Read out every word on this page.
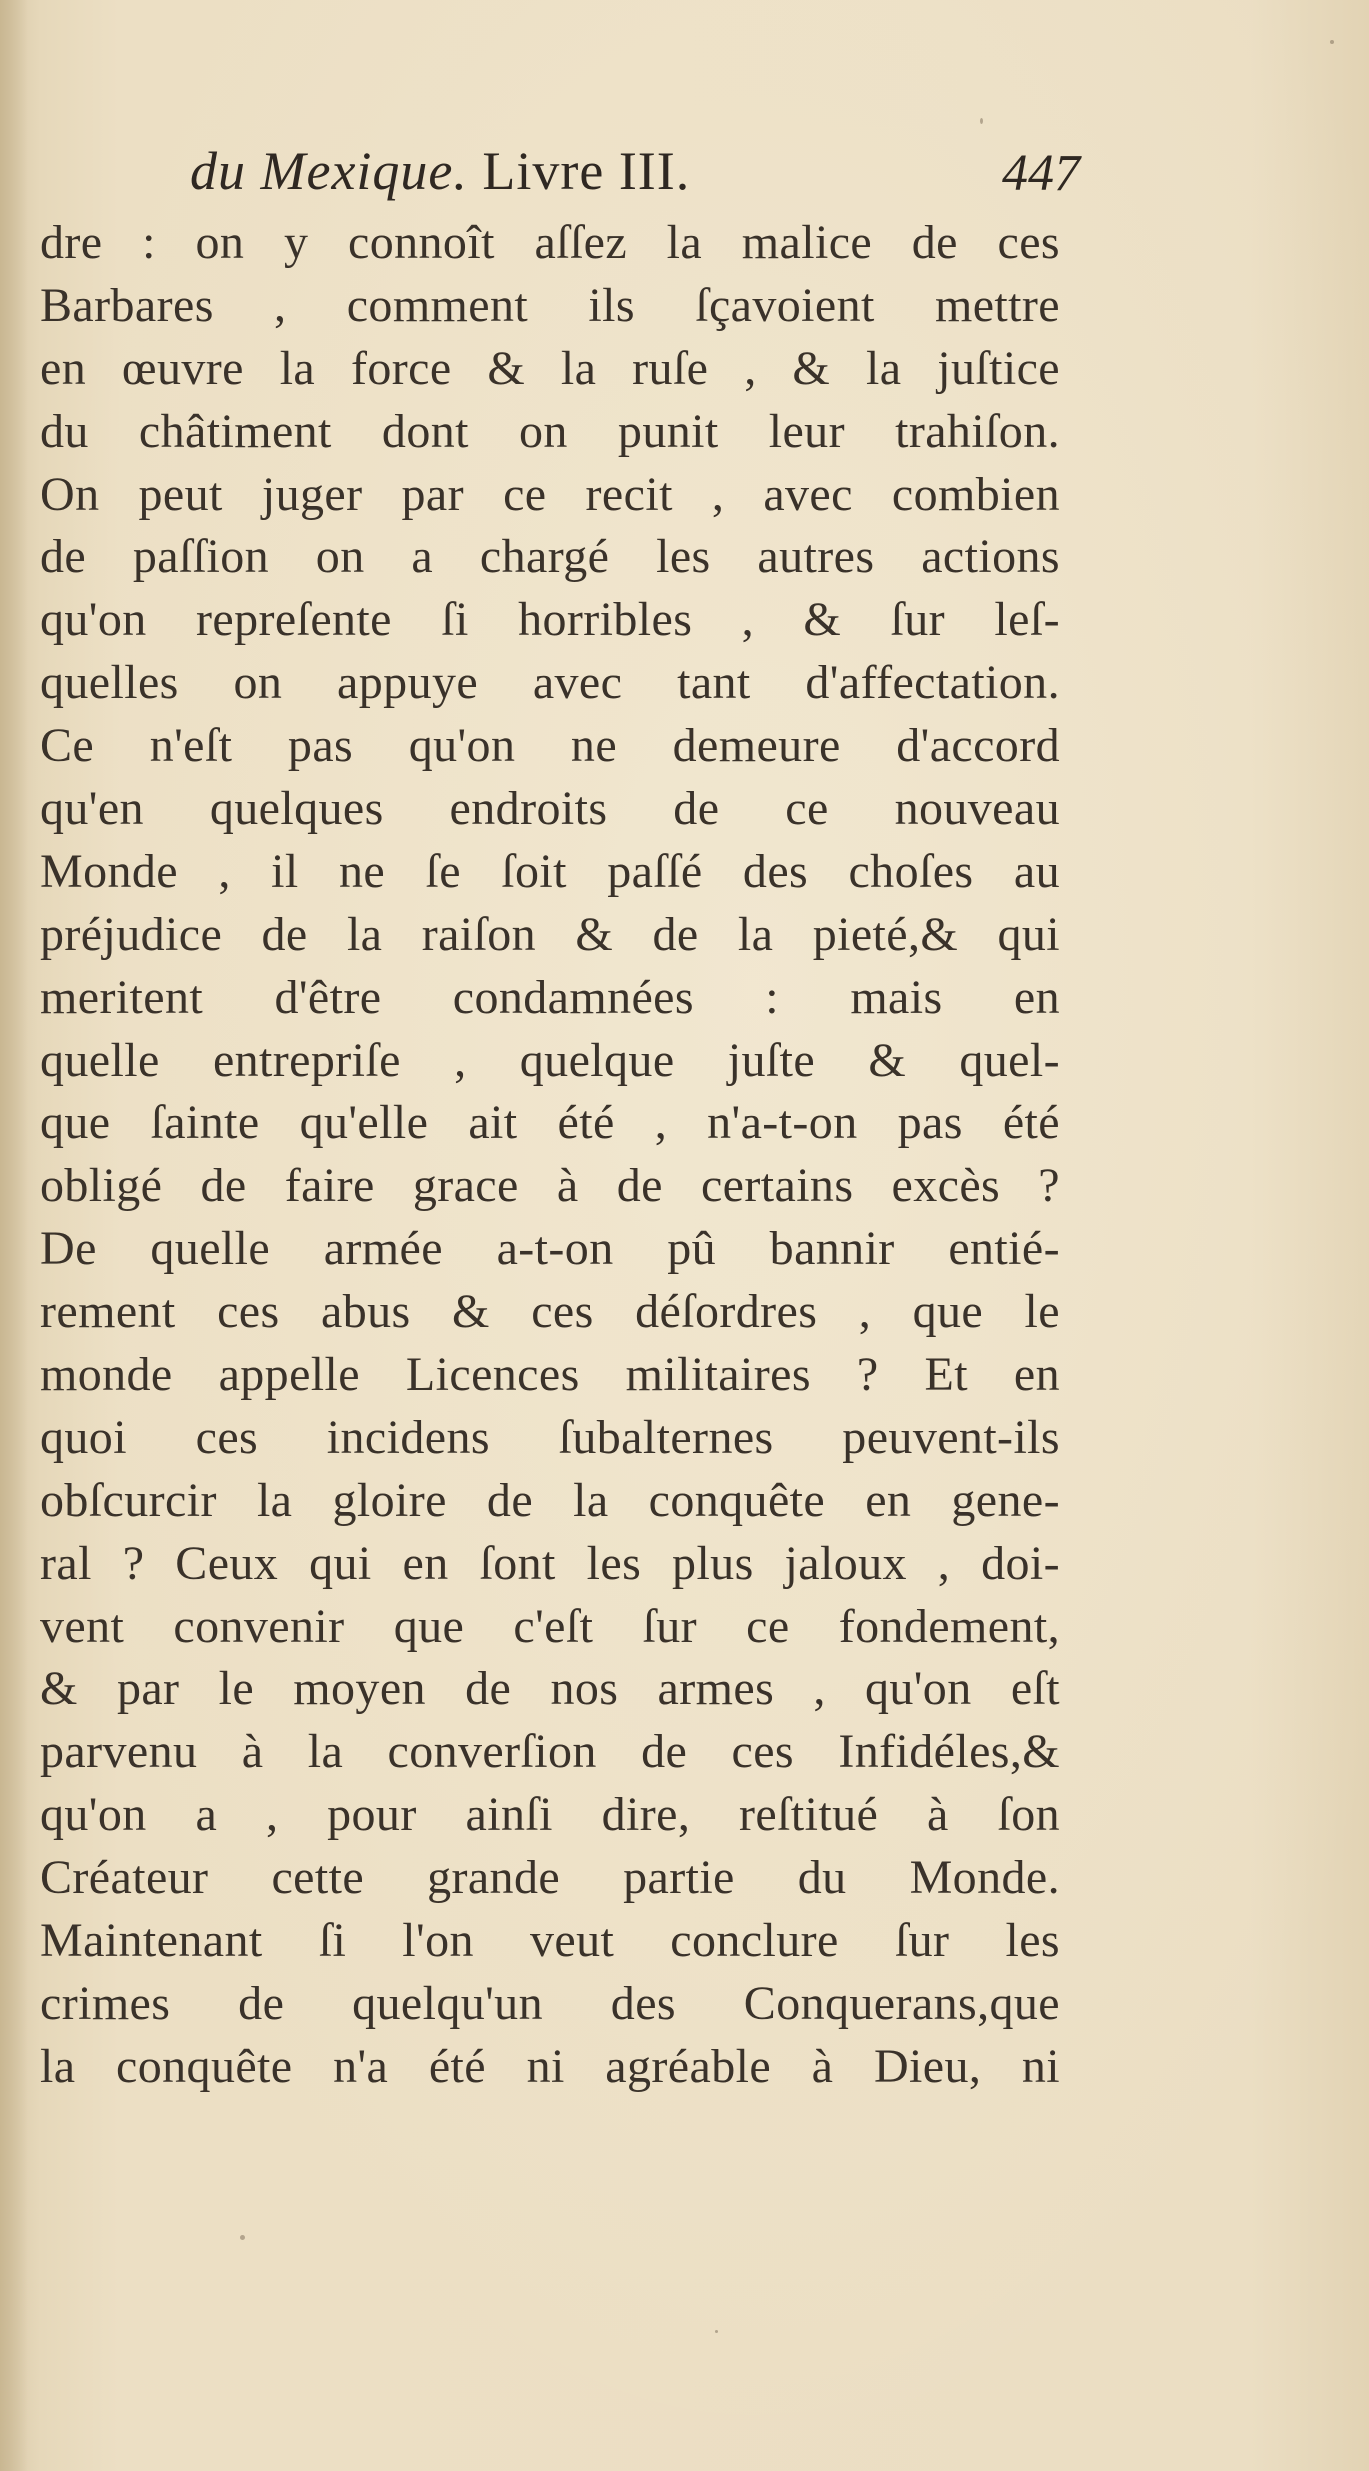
du Mexique. Livre III.	447
dre : on y connoît aſſez la malice de ces
Barbares , comment ils ſçavoient mettre
en œuvre la force & la ruſe , & la juſtice
du châtiment dont on punit leur trahiſon.
On peut juger par ce recit , avec combien
de paſſion on a chargé les autres actions
qu'on repreſente ſi horribles , & ſur leſ-
quelles on appuye avec tant d'affectation.
Ce n'eſt pas qu'on ne demeure d'accord
qu'en quelques endroits de ce nouveau
Monde , il ne ſe ſoit paſſé des choſes au
préjudice de la raiſon & de la pieté,& qui
meritent d'être condamnées : mais en
quelle entrepriſe , quelque juſte & quel-
que ſainte qu'elle ait été , n'a-t-on pas été
obligé de faire grace à de certains excès ?
De quelle armée a-t-on pû bannir entié-
rement ces abus & ces déſordres , que le
monde appelle Licences militaires ? Et en
quoi ces incidens ſubalternes peuvent-ils
obſcurcir la gloire de la conquête en gene-
ral ? Ceux qui en ſont les plus jaloux , doi-
vent convenir que c'eſt ſur ce fondement,
& par le moyen de nos armes , qu'on eſt
parvenu à la converſion de ces Infidéles,&
qu'on a , pour ainſi dire, reſtitué à ſon
Créateur cette grande partie du Monde.
Maintenant ſi l'on veut conclure ſur les
crimes de quelqu'un des Conquerans,que
la conquête n'a été ni agréable à Dieu, ni
